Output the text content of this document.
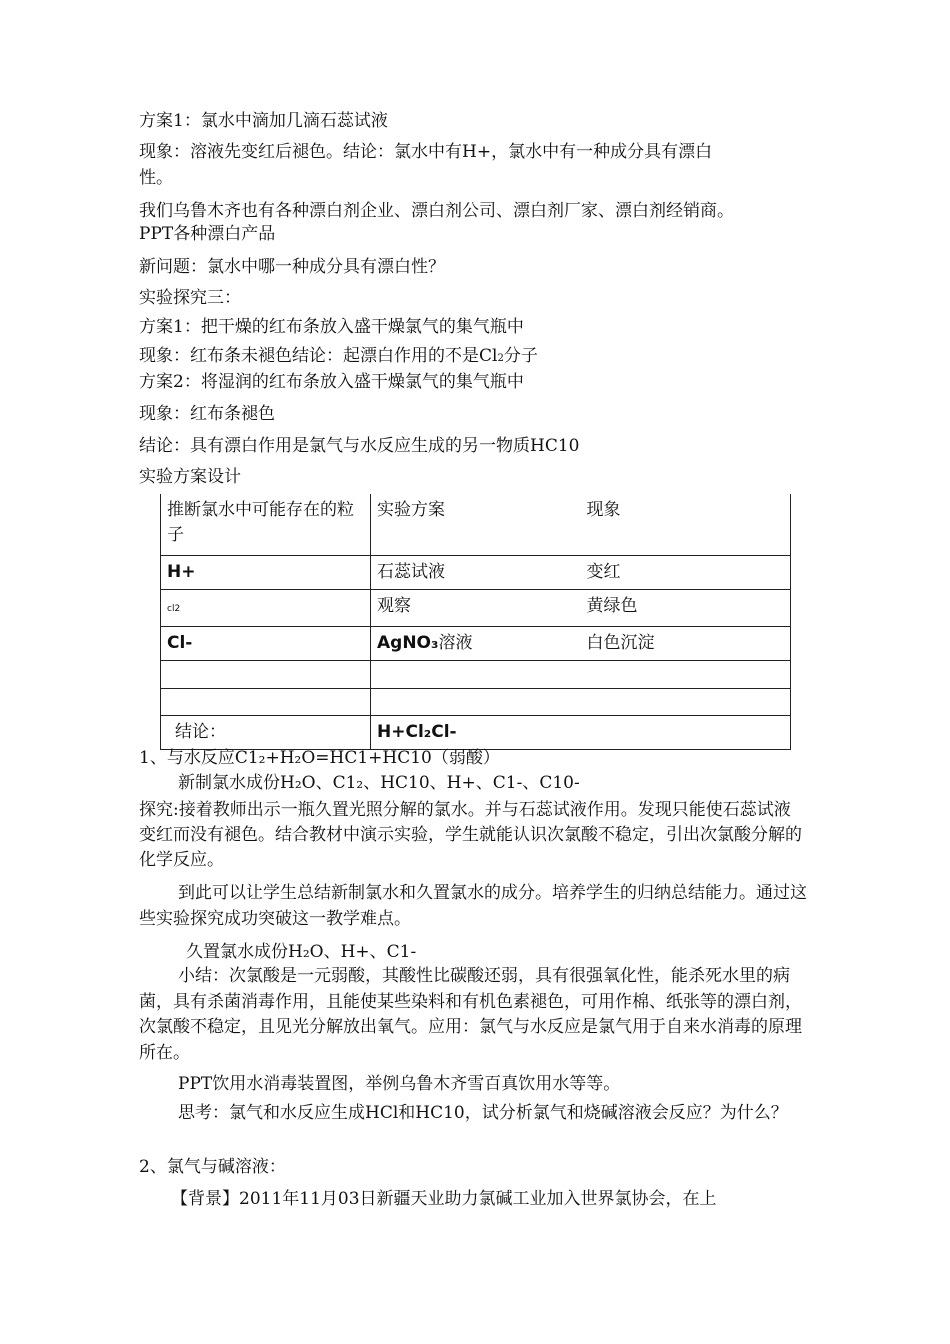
方案1：氯水中滴加几滴石蕊试液
现象：溶液先变红后褪色。结论：氯水中有H+，氯水中有一种成分具有漂白
性。
我们乌鲁木齐也有各种漂白剂企业、漂白剂公司、漂白剂厂家、漂白剂经销商。
PPT各种漂白产品
新问题：氯水中哪一种成分具有漂白性？
实验探究三：
方案1：把干燥的红布条放入盛干燥氯气的集气瓶中
现象：红布条未褪色结论：起漂白作用的不是Cl2分子
方案2：将湿润的红布条放入盛干燥氯气的集气瓶中
现象：红布条褪色
结论：具有漂白作用是氯气与水反应生成的另一物质HC10
实验方案设计
推断氯水中可能存在的粒子	实验方案	现象
H+	石蕊试液	变红
cl2	观察	黄绿色
Cl-	AgNO₃溶液	白色沉淀

结论：	H+Cl₂Cl-	
1、与水反应C1₂+H₂O=HC1+HC10（弱酸）
新制氯水成份H₂O、C1₂、HC10、H+、C1-、C10-
探究:接着教师出示一瓶久置光照分解的氯水。并与石蕊试液作用。发现只能使石蕊试液变红而没有褪色。结合教材中演示实验，学生就能认识次氯酸不稳定，引出次氯酸分解的化学反应。
到此可以让学生总结新制氯水和久置氯水的成分。培养学生的归纳总结能力。通过这些实验探究成功突破这一教学难点。
久置氯水成份H₂O、H+、C1-
小结：次氯酸是一元弱酸，其酸性比碳酸还弱，具有很强氧化性，能杀死水里的病菌，具有杀菌消毒作用，且能使某些染料和有机色素褪色，可用作棉、纸张等的漂白剂，次氯酸不稳定，且见光分解放出氧气。应用：氯气与水反应是氯气用于自来水消毒的原理所在。
PPT饮用水消毒装置图，举例乌鲁木齐雪百真饮用水等等。
思考：氯气和水反应生成HCl和HC10，试分析氯气和烧碱溶液会反应？为什么？
2、氯气与碱溶液：
【背景】2011年11月03日新疆天业助力氯碱工业加入世界氯协会，在上
